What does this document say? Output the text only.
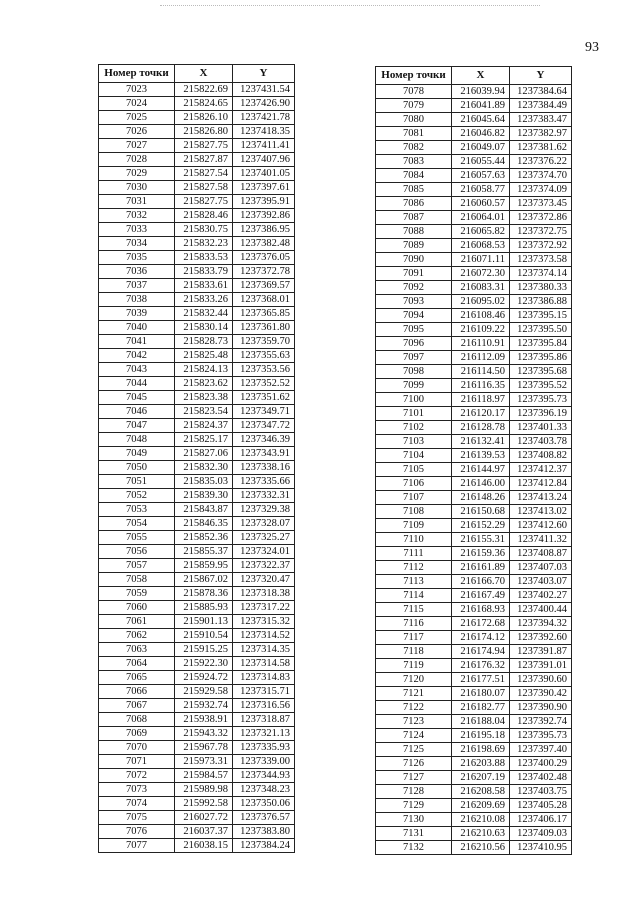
93
Номер точки	X	Y
7023	215822.69	1237431.54
7024	215824.65	1237426.90
7025	215826.10	1237421.78
7026	215826.80	1237418.35
7027	215827.75	1237411.41
7028	215827.87	1237407.96
7029	215827.54	1237401.05
7030	215827.58	1237397.61
7031	215827.75	1237395.91
7032	215828.46	1237392.86
7033	215830.75	1237386.95
7034	215832.23	1237382.48
7035	215833.53	1237376.05
7036	215833.79	1237372.78
7037	215833.61	1237369.57
7038	215833.26	1237368.01
7039	215832.44	1237365.85
7040	215830.14	1237361.80
7041	215828.73	1237359.70
7042	215825.48	1237355.63
7043	215824.13	1237353.56
7044	215823.62	1237352.52
7045	215823.38	1237351.62
7046	215823.54	1237349.71
7047	215824.37	1237347.72
7048	215825.17	1237346.39
7049	215827.06	1237343.91
7050	215832.30	1237338.16
7051	215835.03	1237335.66
7052	215839.30	1237332.31
7053	215843.87	1237329.38
7054	215846.35	1237328.07
7055	215852.36	1237325.27
7056	215855.37	1237324.01
7057	215859.95	1237322.37
7058	215867.02	1237320.47
7059	215878.36	1237318.38
7060	215885.93	1237317.22
7061	215901.13	1237315.32
7062	215910.54	1237314.52
7063	215915.25	1237314.35
7064	215922.30	1237314.58
7065	215924.72	1237314.83
7066	215929.58	1237315.71
7067	215932.74	1237316.56
7068	215938.91	1237318.87
7069	215943.32	1237321.13
7070	215967.78	1237335.93
7071	215973.31	1237339.00
7072	215984.57	1237344.93
7073	215989.98	1237348.23
7074	215992.58	1237350.06
7075	216027.72	1237376.57
7076	216037.37	1237383.80
7077	216038.15	1237384.24
Номер точки	X	Y
7078	216039.94	1237384.64
7079	216041.89	1237384.49
7080	216045.64	1237383.47
7081	216046.82	1237382.97
7082	216049.07	1237381.62
7083	216055.44	1237376.22
7084	216057.63	1237374.70
7085	216058.77	1237374.09
7086	216060.57	1237373.45
7087	216064.01	1237372.86
7088	216065.82	1237372.75
7089	216068.53	1237372.92
7090	216071.11	1237373.58
7091	216072.30	1237374.14
7092	216083.31	1237380.33
7093	216095.02	1237386.88
7094	216108.46	1237395.15
7095	216109.22	1237395.50
7096	216110.91	1237395.84
7097	216112.09	1237395.86
7098	216114.50	1237395.68
7099	216116.35	1237395.52
7100	216118.97	1237395.73
7101	216120.17	1237396.19
7102	216128.78	1237401.33
7103	216132.41	1237403.78
7104	216139.53	1237408.82
7105	216144.97	1237412.37
7106	216146.00	1237412.84
7107	216148.26	1237413.24
7108	216150.68	1237413.02
7109	216152.29	1237412.60
7110	216155.31	1237411.32
7111	216159.36	1237408.87
7112	216161.89	1237407.03
7113	216166.70	1237403.07
7114	216167.49	1237402.27
7115	216168.93	1237400.44
7116	216172.68	1237394.32
7117	216174.12	1237392.60
7118	216174.94	1237391.87
7119	216176.32	1237391.01
7120	216177.51	1237390.60
7121	216180.07	1237390.42
7122	216182.77	1237390.90
7123	216188.04	1237392.74
7124	216195.18	1237395.73
7125	216198.69	1237397.40
7126	216203.88	1237400.29
7127	216207.19	1237402.48
7128	216208.58	1237403.75
7129	216209.69	1237405.28
7130	216210.08	1237406.17
7131	216210.63	1237409.03
7132	216210.56	1237410.95
